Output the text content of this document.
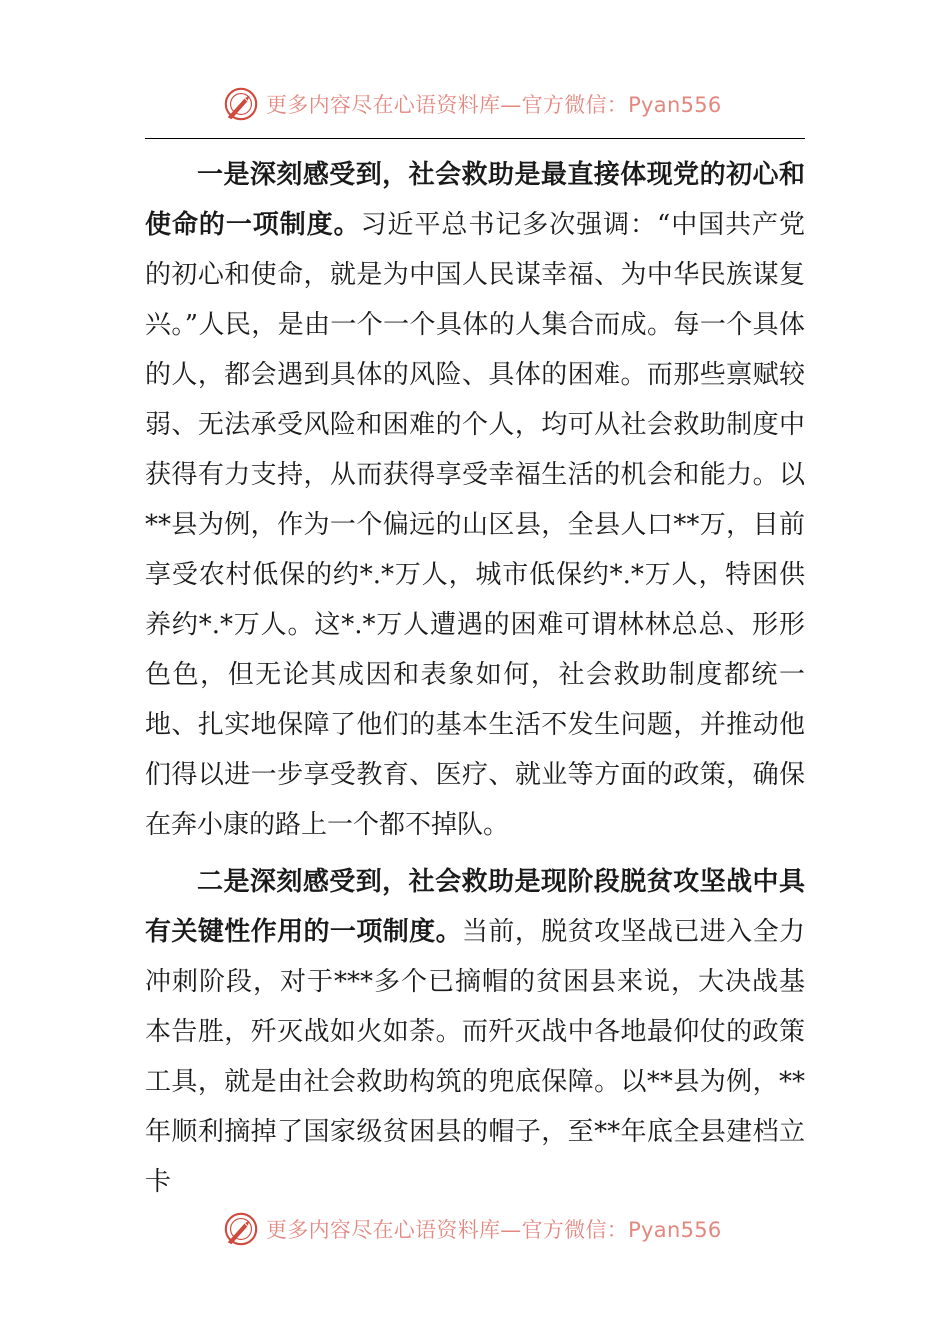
更多内容尽在心语资料库—官方微信：Pyan556

一是深刻感受到，社会救助是最直接体现党的初心和使命的一项制度。习近平总书记多次强调：“中国共产党的初心和使命，就是为中国人民谋幸福、为中华民族谋复兴。”人民，是由一个一个具体的人集合而成。每一个具体的人，都会遇到具体的风险、具体的困难。而那些禀赋较弱、无法承受风险和困难的个人，均可从社会救助制度中获得有力支持，从而获得享受幸福生活的机会和能力。以**县为例，作为一个偏远的山区县，全县人口**万，目前享受农村低保的约*.*万人，城市低保约*.*万人，特困供养约*.*万人。这*.*万人遭遇的困难可谓林林总总、形形色色，但无论其成因和表象如何，社会救助制度都统一地、扎实地保障了他们的基本生活不发生问题，并推动他们得以进一步享受教育、医疗、就业等方面的政策，确保在奔小康的路上一个都不掉队。

二是深刻感受到，社会救助是现阶段脱贫攻坚战中具有关键性作用的一项制度。当前，脱贫攻坚战已进入全力冲刺阶段，对于***多个已摘帽的贫困县来说，大决战基本告胜，歼灭战如火如荼。而歼灭战中各地最仰仗的政策工具，就是由社会救助构筑的兜底保障。以**县为例，**年顺利摘掉了国家级贫困县的帽子，至**年底全县建档立卡

更多内容尽在心语资料库—官方微信：Pyan556
